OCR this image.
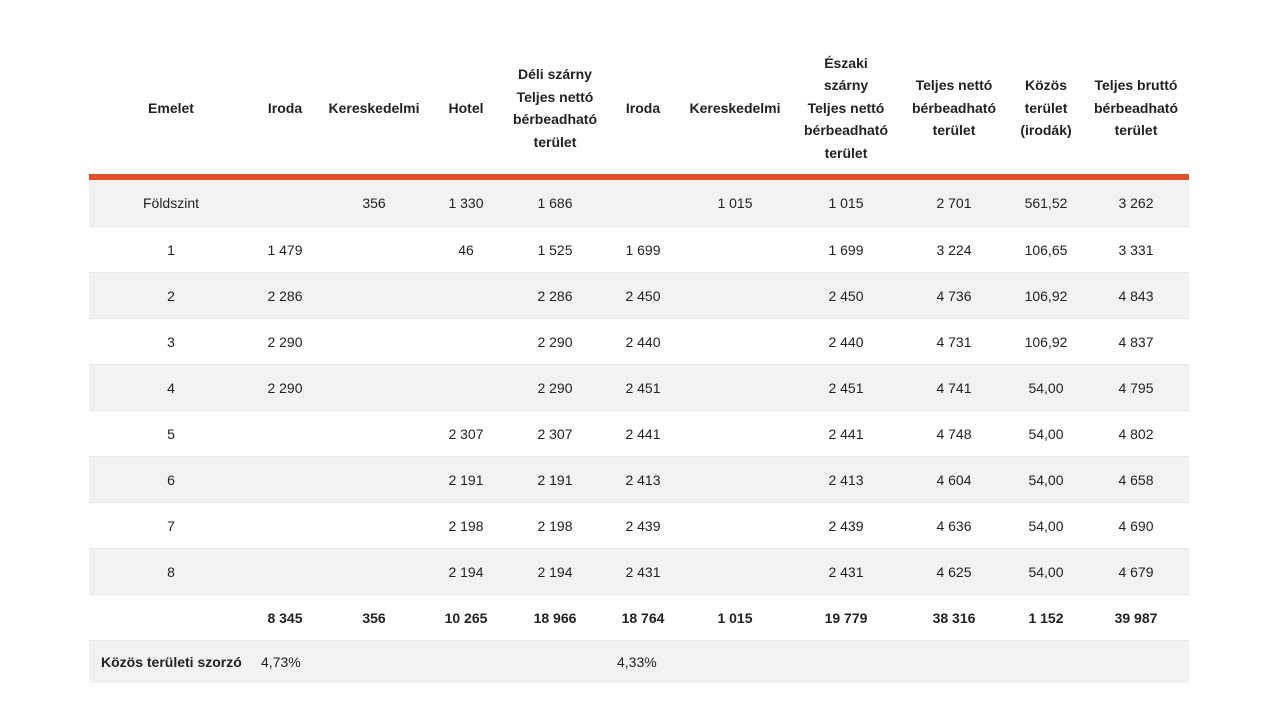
Emelet	Iroda	Kereskedelmi	Hotel	Déli szárny
Teljes nettó
bérbeadható
terület	Iroda	Kereskedelmi	Északi
szárny
Teljes nettó
bérbeadható
terület	Teljes nettó
bérbeadható
terület	Közös
terület
(irodák)	Teljes bruttó
bérbeadható
terület
Földszint		356	1 330	1 686		1 015	1 015	2 701	561,52	3 262
1	1 479		46	1 525	1 699		1 699	3 224	106,65	3 331
2	2 286			2 286	2 450		2 450	4 736	106,92	4 843
3	2 290			2 290	2 440		2 440	4 731	106,92	4 837
4	2 290			2 290	2 451		2 451	4 741	54,00	4 795
5			2 307	2 307	2 441		2 441	4 748	54,00	4 802
6			2 191	2 191	2 413		2 413	4 604	54,00	4 658
7			2 198	2 198	2 439		2 439	4 636	54,00	4 690
8			2 194	2 194	2 431		2 431	4 625	54,00	4 679
	8 345	356	10 265	18 966	18 764	1 015	19 779	38 316	1 152	39 987
Közös területi szorzó	4,73%				4,33%					
